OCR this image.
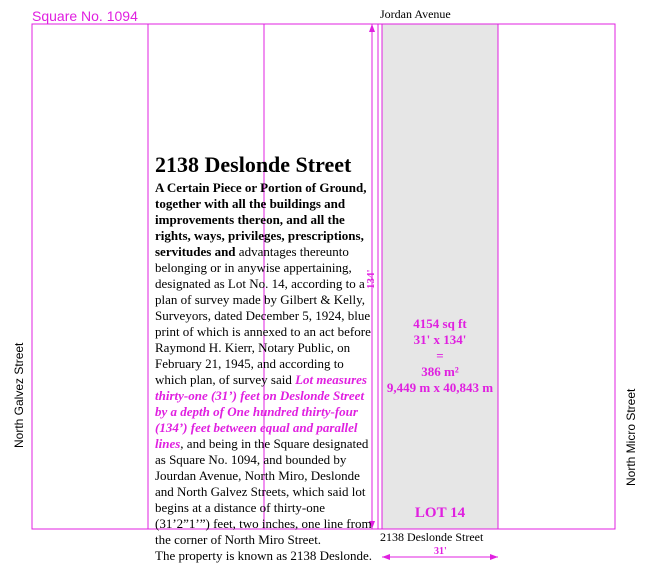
Square No. 1094	Jordan Avenue
2138 Deslonde Street
North Galvez Street	North Micro Street
134'
31'
4154 sq ft
31' x 134'
=
386 m²
9,449 m x 40,843 m
LOT 14
2138 Deslonde Street
A Certain Piece or Portion of Ground, together with all the buildings and improvements thereon, and all the rights, ways, privileges, prescriptions, servitudes and advantages thereunto belonging or in anywise appertaining, designated as Lot No. 14, according to a plan of survey made by Gilbert & Kelly, Surveyors, dated December 5, 1924, blue print of which is annexed to an act before Raymond H. Kierr, Notary Public, on February 21, 1945, and according to which plan, of survey said Lot measures thirty-one (31’) feet on Deslonde Street by a depth of One hundred thirty-four (134’) feet between equal and parallel lines, and being in the Square designated as Square No. 1094, and bounded by Jourdan Avenue, North Miro, Deslonde and North Galvez Streets, which said lot begins at a distance of thirty-one (31’2”1’”) feet, two inches, one line from the corner of North Miro Street.
The property is known as 2138 Deslonde.
